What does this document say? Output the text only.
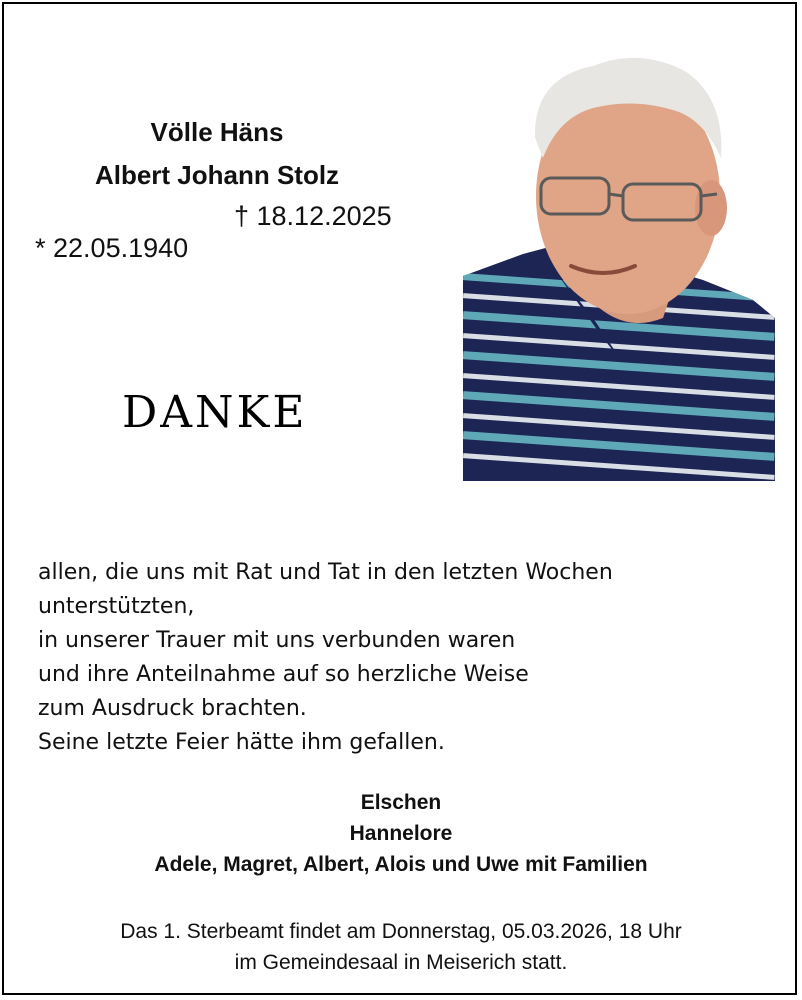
Völle Häns
Albert Johann Stolz

* 22.05.1940

† 18.12.2025

DANKE
allen, die uns mit Rat und Tat in den letzten Wochen
unterstützten,
in unserer Trauer mit uns verbunden waren
und ihre Anteilnahme auf so herzliche Weise
zum Ausdruck brachten.
Seine letzte Feier hätte ihm gefallen.
Elschen
Hannelore
Adele, Magret, Albert, Alois und Uwe mit Familien
Das 1. Sterbeamt findet am Donnerstag, 05.03.2026, 18 Uhr
im Gemeindesaal in Meiserich statt.
